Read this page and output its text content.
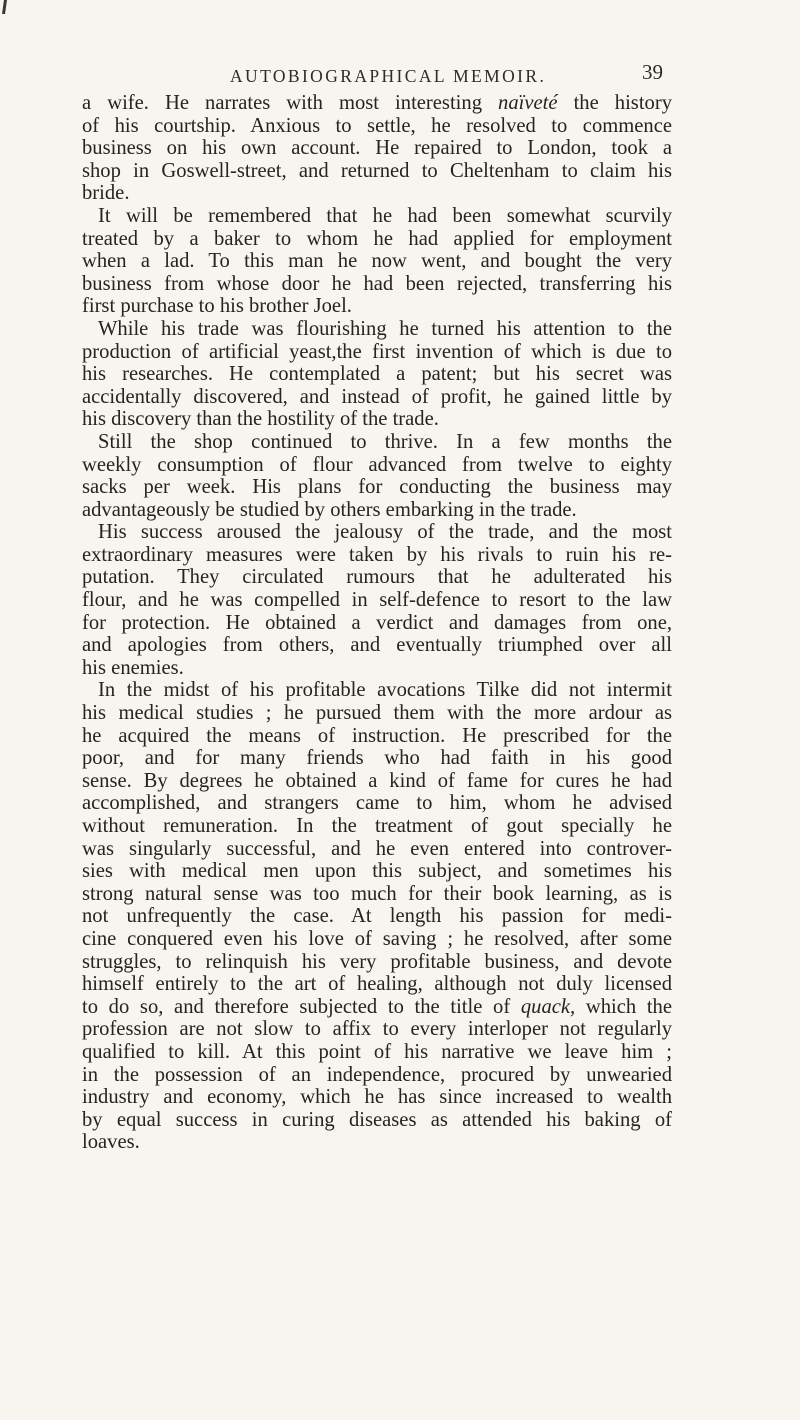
AUTOBIOGRAPHICAL MEMOIR.	39
a wife. He narrates with most interesting naïveté the history
of his courtship. Anxious to settle, he resolved to commence
business on his own account. He repaired to London, took a
shop in Goswell-street, and returned to Cheltenham to claim his
bride.
It will be remembered that he had been somewhat scurvily
treated by a baker to whom he had applied for employment
when a lad. To this man he now went, and bought the very
business from whose door he had been rejected, transferring his
first purchase to his brother Joel.
While his trade was flourishing he turned his attention to the
production of artificial yeast,the first invention of which is due to
his researches. He contemplated a patent; but his secret was
accidentally discovered, and instead of profit, he gained little by
his discovery than the hostility of the trade.
Still the shop continued to thrive. In a few months the
weekly consumption of flour advanced from twelve to eighty
sacks per week. His plans for conducting the business may
advantageously be studied by others embarking in the trade.
His success aroused the jealousy of the trade, and the most
extraordinary measures were taken by his rivals to ruin his re-
putation. They circulated rumours that he adulterated his
flour, and he was compelled in self-defence to resort to the law
for protection. He obtained a verdict and damages from one,
and apologies from others, and eventually triumphed over all
his enemies.
In the midst of his profitable avocations Tilke did not intermit
his medical studies ; he pursued them with the more ardour as
he acquired the means of instruction. He prescribed for the
poor, and for many friends who had faith in his good
sense. By degrees he obtained a kind of fame for cures he had
accomplished, and strangers came to him, whom he advised
without remuneration. In the treatment of gout specially he
was singularly successful, and he even entered into controver-
sies with medical men upon this subject, and sometimes his
strong natural sense was too much for their book learning, as is
not unfrequently the case. At length his passion for medi-
cine conquered even his love of saving ; he resolved, after some
struggles, to relinquish his very profitable business, and devote
himself entirely to the art of healing, although not duly licensed
to do so, and therefore subjected to the title of quack, which the
profession are not slow to affix to every interloper not regularly
qualified to kill. At this point of his narrative we leave him ;
in the possession of an independence, procured by unwearied
industry and economy, which he has since increased to wealth
by equal success in curing diseases as attended his baking of
loaves.
